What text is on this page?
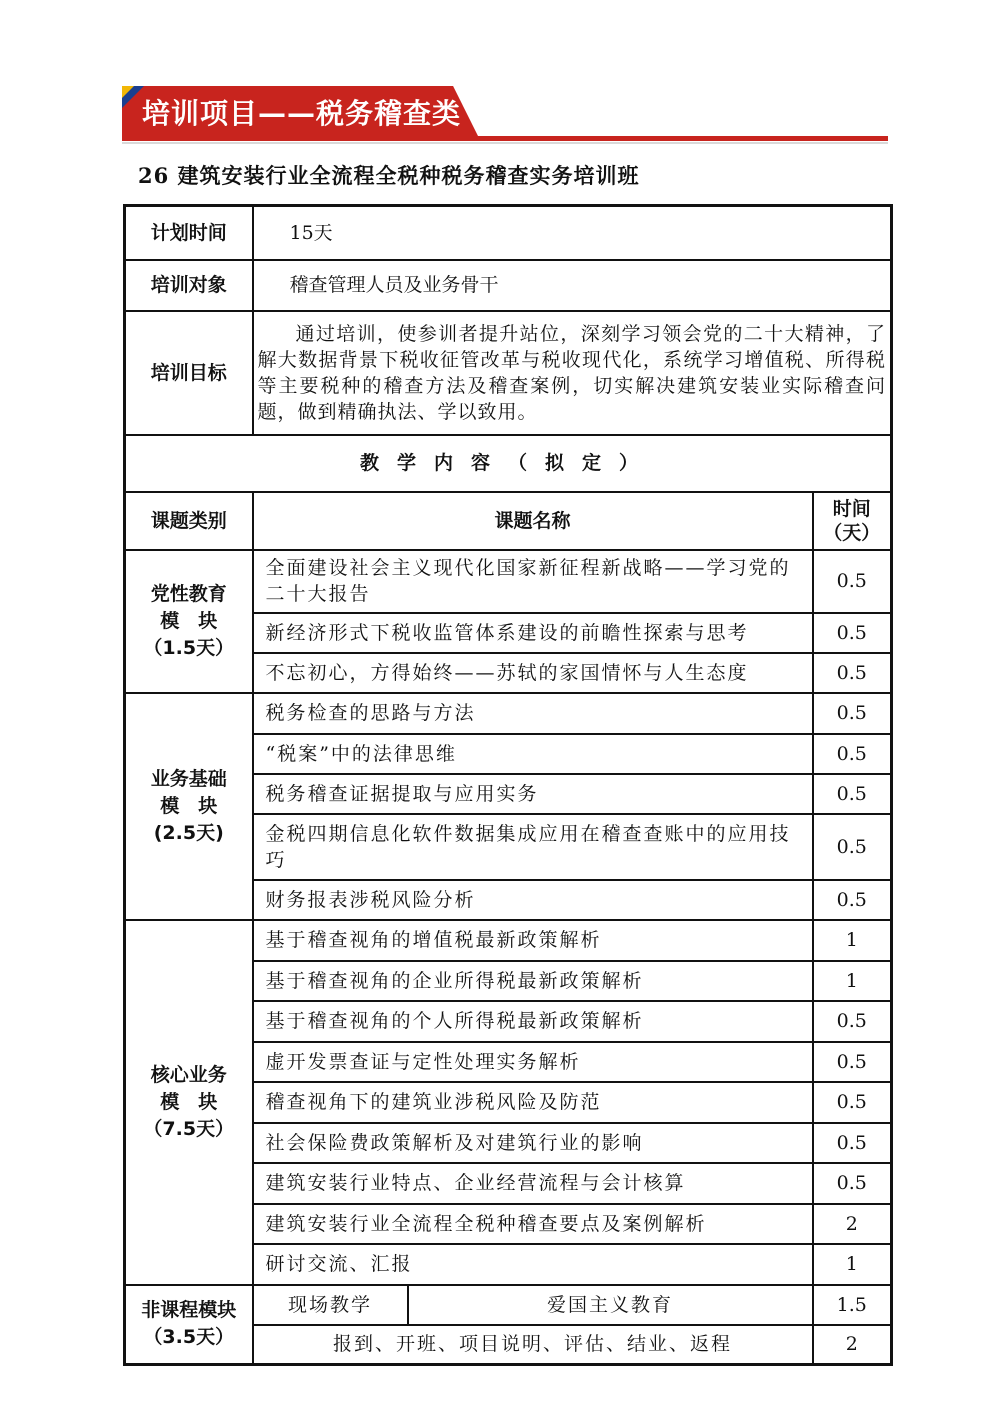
培训项目——税务稽查类
26 建筑安装行业全流程全税种税务稽查实务培训班
计划时间	15天		
培训对象	稽查管理人员及业务骨干		
培训目标	通过培训，使参训者提升站位，深刻学习领会党的二十大精神，了解大数据背景下税收征管改革与税收现代化，系统学习增值税、所得税等主要税种的稽查方法及稽查案例，切实解决建筑安装业实际稽查问题，做到精确执法、学以致用。		
教学内容（拟定）			
课题类别	课题名称		时间（天）

党性教育
模　块
（1.5天）	全面建设社会主义现代化国家新征程新战略——学习党的二十大报告		0.5
	新经济形式下税收监管体系建设的前瞻性探索与思考		0.5
	不忘初心，方得始终——苏轼的家国情怀与人生态度		0.5

业务基础
模　块
(2.5天)	税务检查的思路与方法		0.5
	“税案”中的法律思维		0.5
	税务稽查证据提取与应用实务		0.5
	金税四期信息化软件数据集成应用在稽查查账中的应用技巧		0.5
	财务报表涉税风险分析		0.5

核心业务
模　块
（7.5天）	基于稽查视角的增值税最新政策解析		1
	基于稽查视角的企业所得税最新政策解析		1
	基于稽查视角的个人所得税最新政策解析		0.5
	虚开发票查证与定性处理实务解析		0.5
	稽查视角下的建筑业涉税风险及防范		0.5
	社会保险费政策解析及对建筑行业的影响		0.5
	建筑安装行业特点、企业经营流程与会计核算		0.5
	建筑安装行业全流程全税种稽查要点及案例解析		2
	研讨交流、汇报		1

非课程模块
（3.5天）	现场教学	爱国主义教育	1.5
	报到、开班、项目说明、评估、结业、返程		2
